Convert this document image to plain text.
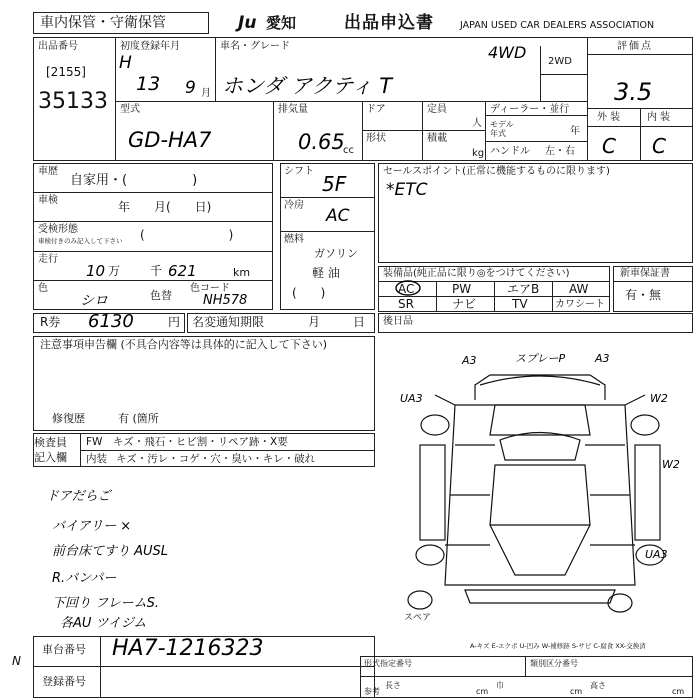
車内保管・守衛保管	Ju 愛知	出品申込書	JAPAN USED CAR DEALERS ASSOCIATION
出品番号
[2155]
35133
初度登録年月
H
13 9 月
車名・グレード
ホンダ アクティ T
4WD 2WD
型式
GD-HA7
排気量
0.65
cc
ドア	定員
人
形状	積載
kg
ディーラー・並行
モデル年式	年
ハンドル 左・右
評価点
3.5
外装 内装
C C
車歴
自家用・(　　　　　)
車検	年　　月(　　日)
受検形態
車検付きのみ記入して下さい (　　　　　　　)
走行
10 万 千 621	km
色
シロ	色替
色コード
NH578
シフト
5F
冷房
AC
燃料
ガソリン
軽 油
(　　)
セールスポイント(正常に機能するものに限ります)
*ETC
装備品(純正品に限り◎をつけてください)
AC	PW	エアB AW
SR	ナビ	TV	カワシート
新車保証書
有・無
R券 6130	円 名変通知期限	月	日 後日品
注意事項申告欄 (不具合内容等は具体的に記入して下さい)
修復歴	有 (箇所
検査員
記入欄
FW　キズ・飛石・ヒビ割・リペア跡・X要
内装 キズ・汚レ・コゲ・穴・臭い・キレ・破れ
ドアだらご
バイアリー ×
前台床てすり AUSL
R.バンパー
下回り フレームS.
各AU ツイジム
車台番号 HA7-1216323
登録番号
N
A3	スプレーP	A3
UA3	W2
W2
UA3
スペア
A-キズ E-エクボ U-凹み W-補修跡 S-サビ C-腐食 XX-交換済
形式指定番号	類別区分番号
参考
長さ
cm
巾
cm
高さ
cm
